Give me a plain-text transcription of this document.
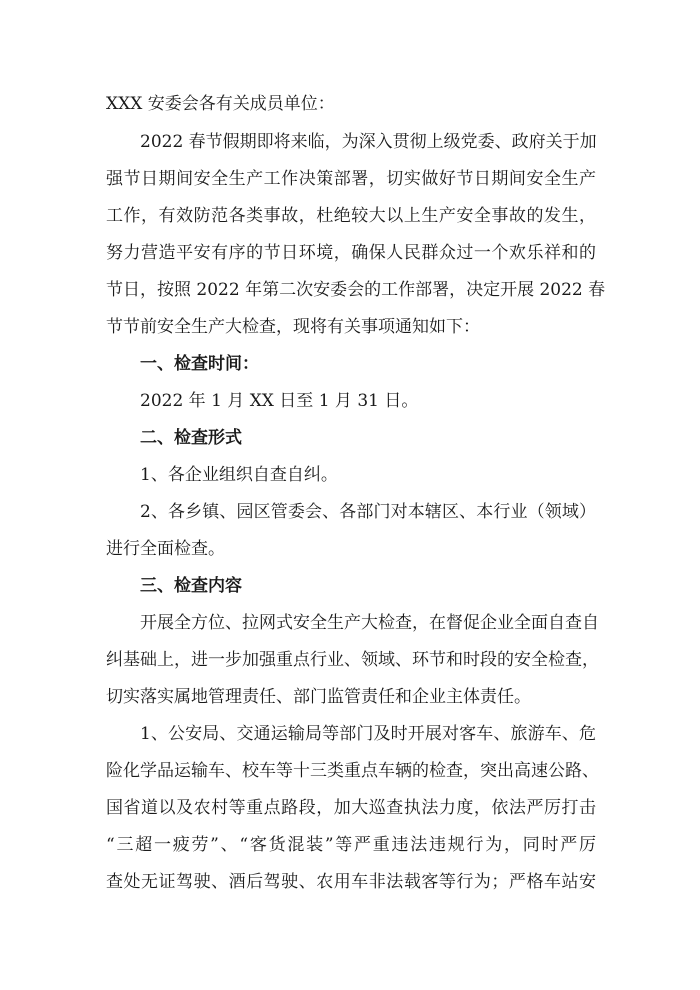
XXX 安委会各有关成员单位：

2022 春节假期即将来临，为深入贯彻上级党委、政府关于加

强节日期间安全生产工作决策部署，切实做好节日期间安全生产

工作，有效防范各类事故，杜绝较大以上生产安全事故的发生，

努力营造平安有序的节日环境，确保人民群众过一个欢乐祥和的

节日，按照 2022 年第二次安委会的工作部署，决定开展 2022 春

节节前安全生产大检查，现将有关事项通知如下：

一、检查时间：

2022 年 1 月 XX 日至 1 月 31 日。

二、检查形式

1、各企业组织自查自纠。

2、各乡镇、园区管委会、各部门对本辖区、本行业（领域）

进行全面检查。

三、检查内容

开展全方位、拉网式安全生产大检查，在督促企业全面自查自

纠基础上，进一步加强重点行业、领域、环节和时段的安全检查，

切实落实属地管理责任、部门监管责任和企业主体责任。

1、公安局、交通运输局等部门及时开展对客车、旅游车、危

险化学品运输车、校车等十三类重点车辆的检查，突出高速公路、

国省道以及农村等重点路段，加大巡查执法力度，依法严厉打击

“三超一疲劳”、“客货混装”等严重违法违规行为，同时严厉

查处无证驾驶、酒后驾驶、农用车非法载客等行为；严格车站安
